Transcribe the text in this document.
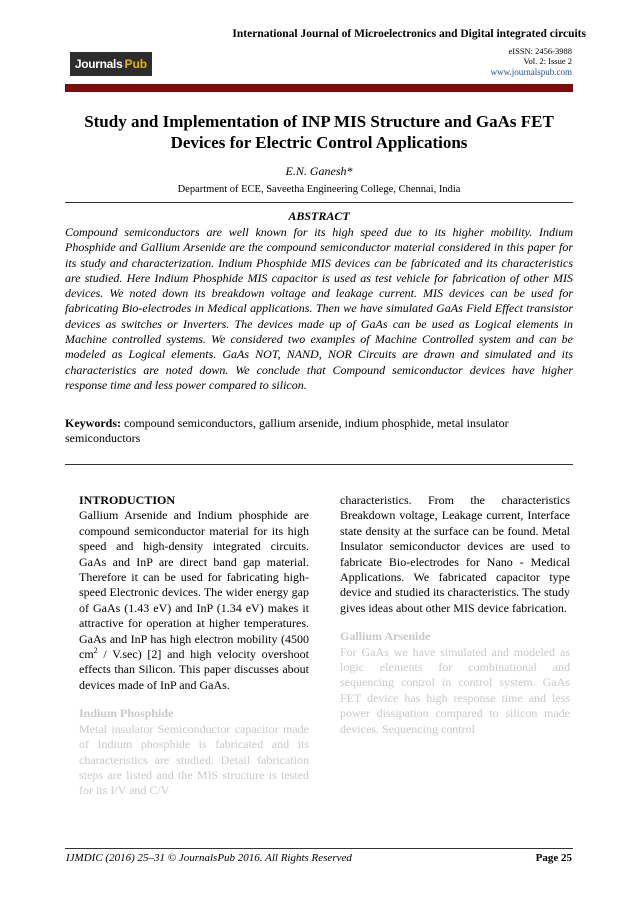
International Journal of Microelectronics and Digital integrated circuits
eISSN: 2456-3988
Vol. 2: Issue 2
www.journalspub.com
Journals Pub
Study and Implementation of INP MIS Structure and GaAs FET Devices for Electric Control Applications
E.N. Ganesh*
Department of ECE, Saveetha Engineering College, Chennai, India
ABSTRACT
Compound semiconductors are well known for its high speed due to its higher mobility. Indium Phosphide and Gallium Arsenide are the compound semiconductor material considered in this paper for its study and characterization. Indium Phosphide MIS devices can be fabricated and its characteristics are studied. Here Indium Phosphide MIS capacitor is used as test vehicle for fabrication of other MIS devices. We noted down its breakdown voltage and leakage current. MIS devices can be used for fabricating Bio-electrodes in Medical applications. Then we have simulated GaAs Field Effect transistor devices as switches or Inverters. The devices made up of GaAs can be used as Logical elements in Machine controlled systems. We considered two examples of Machine Controlled system and can be modeled as Logical elements. GaAs NOT, NAND, NOR Circuits are drawn and simulated and its characteristics are noted down. We conclude that Compound semiconductor devices have higher response time and less power compared to silicon.
Keywords: compound semiconductors, gallium arsenide, indium phosphide, metal insulator semiconductors
INTRODUCTION
Gallium Arsenide and Indium phosphide are compound semiconductor material for its high speed and high-density integrated circuits. GaAs and InP are direct band gap material. Therefore it can be used for fabricating high-speed Electronic devices. The wider energy gap of GaAs (1.43 eV) and InP (1.34 eV) makes it attractive for operation at higher temperatures. GaAs and InP has high electron mobility (4500 $cm^2 / V.\sec$) [2] and high velocity overshoot effects than Silicon. This paper discusses about devices made of InP and GaAs.
Indium Phosphide
Metal insulator Semiconductor capacitor made of Indium phosphide is fabricated and its characteristics are studied. Detail fabrication steps are listed and the MIS structure is tested for its I/V and C/V
characteristics. From the characteristics Breakdown voltage, Leakage current, Interface state density at the surface can be found. Metal Insulator semiconductor devices are used to fabricate Bio-electrodes for Nano - Medical Applications. We fabricated capacitor type device and studied its characteristics. The study gives ideas about other MIS device fabrication.
Gallium Arsenide
For GaAs we have simulated and modeled as logic elements for combinational and sequencing control in control system. GaAs FET device has high response time and less power dissipation compared to silicon made devices. Sequencing control
IJMDIC (2016) 25–31 © JournalsPub 2016. All Rights Reserved	Page 25
